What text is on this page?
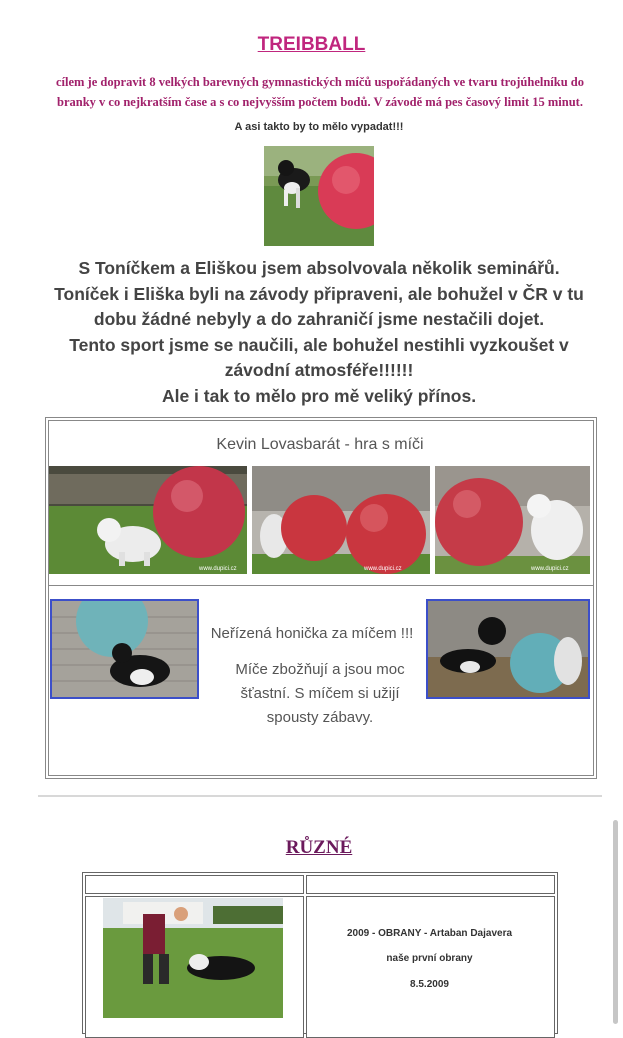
TREIBBALL
cílem je dopravit 8 velkých barevných gymnastických míčů uspořádaných ve tvaru trojúhelníku do
branky v co nejkratším čase a s co nejvyšším počtem bodů. V závodě má pes časový limit 15 minut.
A asi takto by to mělo vypadat!!!
S Toníčkem a Eliškou jsem absolvovala několik seminářů.
Toníček i Eliška byli na závody připraveni, ale bohužel v ČR v tu
dobu žádné nebyly a do zahraničí jsme nestačili dojet.
Tento sport jsme se naučili, ale bohužel nestihli vyzkoušet v
závodní atmosféře!!!!!!
Ale i tak to mělo pro mě veliký přínos.
Kevin Lovasbarát - hra s míči
www.dupici.cz	www.dupici.cz	www.dupici.cz
Neřízená honička za míčem !!!
Míče zbožňují a jsou moc
šťastní. S míčem si užijí
spousty zábavy.
RŮZNÉ
2009 - OBRANY - Artaban Dajavera
naše první obrany
8.5.2009
